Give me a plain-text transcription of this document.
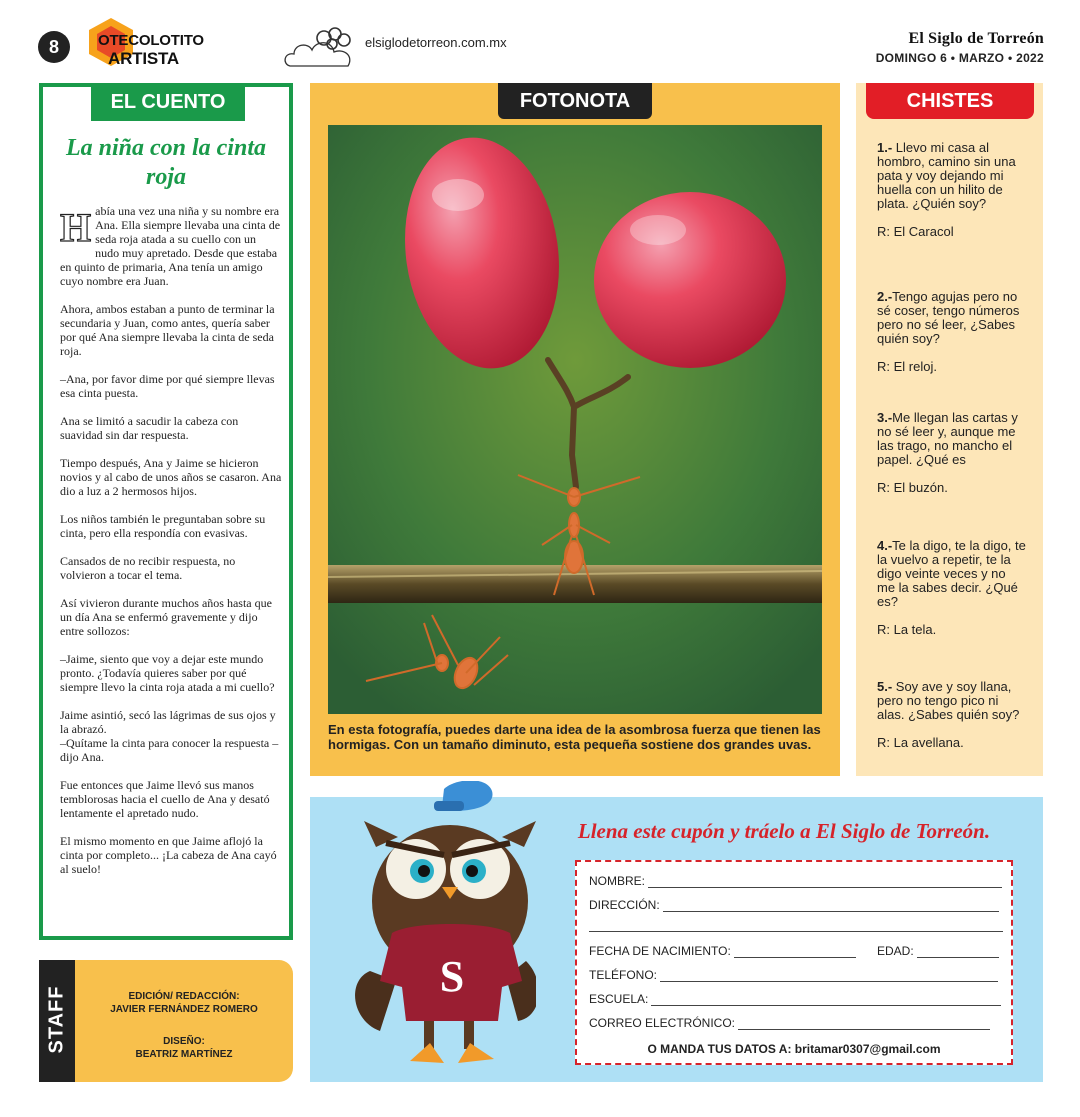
8	OTECOLOTITO
ARTISTA
elsiglodetorreon.com.mx	El Siglo de Torreón
DOMINGO 6 • MARZO • 2022
EL CUENTO
La niña con la cinta roja

Había una vez una niña y su nombre era Ana. Ella siempre llevaba una cinta de seda roja atada a su cuello con un nudo muy apretado. Desde que estaba en quinto de primaria, Ana tenía un amigo cuyo nombre era Juan.

Ahora, ambos estaban a punto de terminar la secundaria y Juan, como antes, quería saber por qué Ana siempre llevaba la cinta de seda roja.

–Ana, por favor dime por qué siempre llevas esa cinta puesta.

Ana se limitó a sacudir la cabeza con suavidad sin dar respuesta.

Tiempo después, Ana y Jaime se hicieron novios y al cabo de unos años se casaron. Ana dio a luz a 2 hermosos hijos.

Los niños también le preguntaban sobre su cinta, pero ella respondía con evasivas.

Cansados de no recibir respuesta, no volvieron a tocar el tema.

Así vivieron durante muchos años hasta que un día Ana se enfermó gravemente y dijo entre sollozos:

–Jaime, siento que voy a dejar este mundo pronto. ¿Todavía quieres saber por qué siempre llevo la cinta roja atada a mi cuello?

Jaime asintió, secó las lágrimas de sus ojos y la abrazó.
–Quítame la cinta para conocer la respuesta –dijo Ana.

Fue entonces que Jaime llevó sus manos temblorosas hacia el cuello de Ana y desató lentamente el apretado nudo.

El mismo momento en que Jaime aflojó la cinta por completo... ¡La cabeza de Ana cayó al suelo!

STAFF	EDICIÓN/ REDACCIÓN:
JAVIER FERNÁNDEZ ROMERO
DISEÑO:
BEATRIZ MARTÍNEZ
FOTONOTA

En esta fotografía, puedes darte una idea de la asombrosa fuerza que tienen las hormigas. Con un tamaño diminuto, esta pequeña sostiene dos grandes uvas.

CHISTES
1.- Llevo mi casa al hombro, camino sin una pata y voy dejando mi huella con un hilito de plata. ¿Quién soy?
R: El Caracol
2.-Tengo agujas pero no sé coser, tengo números pero no sé leer, ¿Sabes quién soy?
R: El reloj.
3.-Me llegan las cartas y no sé leer y, aunque me las trago, no mancho el papel. ¿Qué es
R: El buzón.
4.-Te la digo, te la digo, te la vuelvo a repetir, te la digo veinte veces y no me la sabes decir. ¿Qué es?
R: La tela.
5.- Soy ave y soy llana, pero no tengo pico ni alas. ¿Sabes quién soy?
R: La avellana.
S
Llena este cupón y tráelo a El Siglo de Torreón.
NOMBRE:
DIRECCIÓN:
FECHA DE NACIMIENTO:	EDAD:
TELÉFONO:
ESCUELA:
CORREO ELECTRÓNICO:
O MANDA TUS DATOS A: britamar0307@gmail.com
